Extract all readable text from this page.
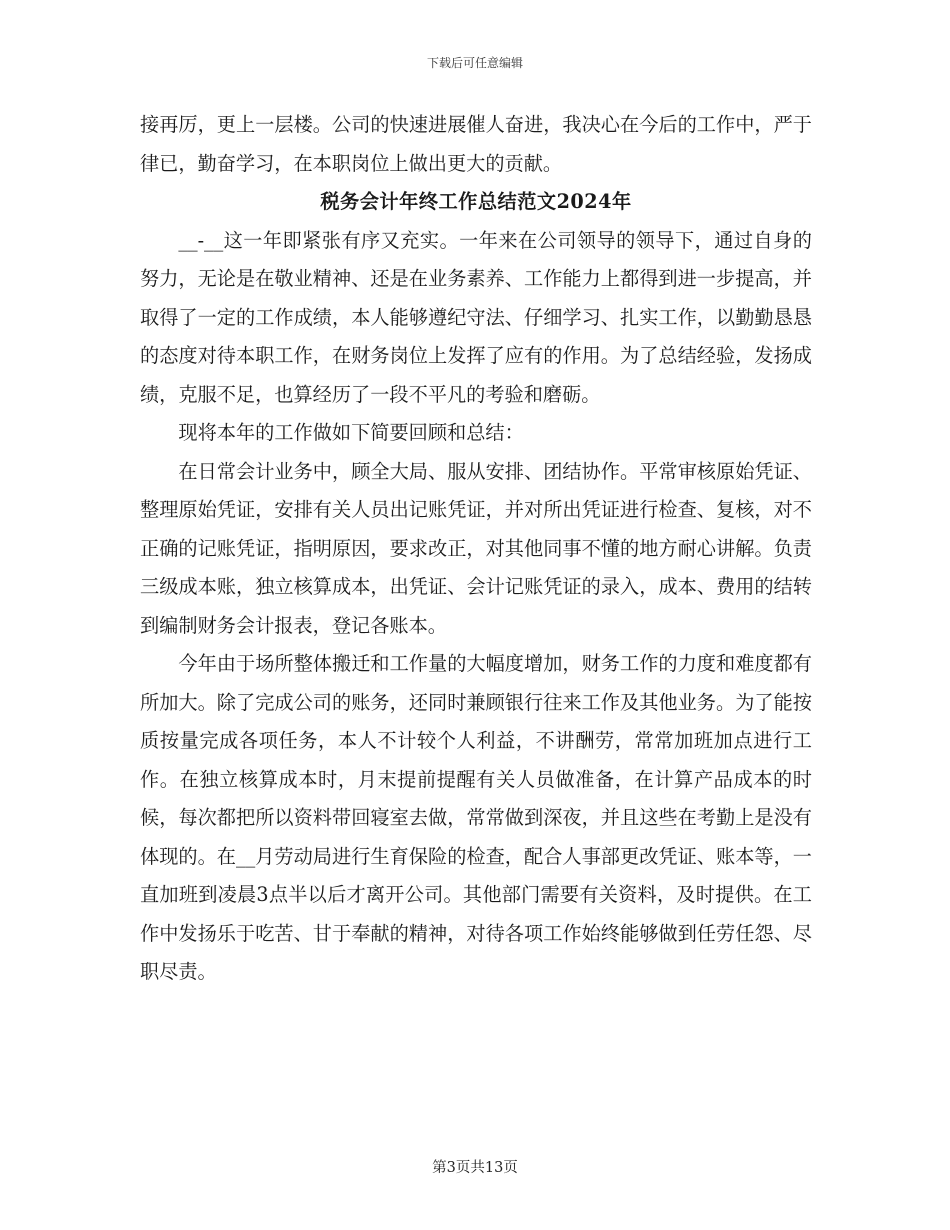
下载后可任意编辑

接再厉，更上一层楼。公司的快速进展催人奋进，我决心在今后的工作中，严于律已，勤奋学习，在本职岗位上做出更大的贡献。

税务会计年终工作总结范文2024年

__-__这一年即紧张有序又充实。一年来在公司领导的领导下，通过自身的努力，无论是在敬业精神、还是在业务素养、工作能力上都得到进一步提高，并取得了一定的工作成绩，本人能够遵纪守法、仔细学习、扎实工作，以勤勤恳恳的态度对待本职工作，在财务岗位上发挥了应有的作用。为了总结经验，发扬成绩，克服不足，也算经历了一段不平凡的考验和磨砺。

现将本年的工作做如下简要回顾和总结：

在日常会计业务中，顾全大局、服从安排、团结协作。平常审核原始凭证、整理原始凭证，安排有关人员出记账凭证，并对所出凭证进行检查、复核，对不正确的记账凭证，指明原因，要求改正，对其他同事不懂的地方耐心讲解。负责三级成本账，独立核算成本，出凭证、会计记账凭证的录入，成本、费用的结转到编制财务会计报表，登记各账本。

今年由于场所整体搬迁和工作量的大幅度增加，财务工作的力度和难度都有所加大。除了完成公司的账务，还同时兼顾银行往来工作及其他业务。为了能按质按量完成各项任务，本人不计较个人利益，不讲酬劳，常常加班加点进行工作。在独立核算成本时，月末提前提醒有关人员做准备，在计算产品成本的时候，每次都把所以资料带回寝室去做，常常做到深夜，并且这些在考勤上是没有体现的。在__月劳动局进行生育保险的检查，配合人事部更改凭证、账本等，一直加班到凌晨3点半以后才离开公司。其他部门需要有关资料，及时提供。在工作中发扬乐于吃苦、甘于奉献的精神，对待各项工作始终能够做到任劳任怨、尽职尽责。

第3页共13页
